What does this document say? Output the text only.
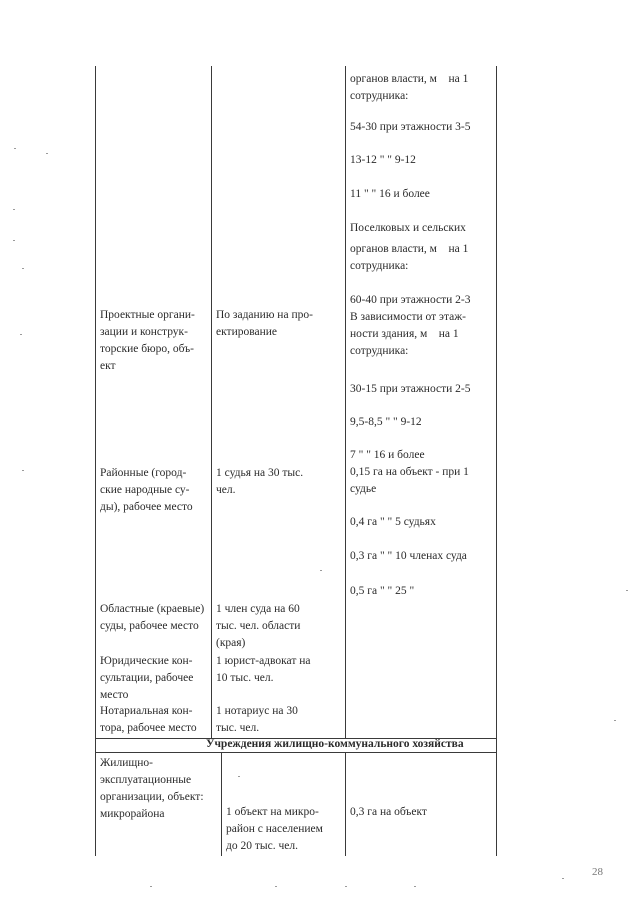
органов власти, м    на 1
сотрудника:
54-30 при этажности 3-5
13-12 " " 9-12
11 " " 16 и более
Поселковых и сельских
органов власти, м    на 1
сотрудника:
60-40 при этажности 2-3
В зависимости от этаж-
ности здания, м    на 1
сотрудника:
30-15 при этажности 2-5
9,5-8,5 " " 9-12
7 " " 16 и более
0,15 га на объект - при 1
судье
0,4 га " " 5 судьях
0,3 га " " 10 членах суда
0,5 га " " 25 "
Проектные органи-
зации и конструк-
торские бюро, объ-
ект
По заданию на про-
ектирование
Районные (город-
ские народные су-
ды), рабочее место
1 судья на 30 тыс.
чел.
Областные (краевые)
суды, рабочее место
1 член суда на 60
тыс. чел. области
(края)
Юридические кон-
сультации, рабочее
место
1 юрист-адвокат на
10 тыс. чел.
Нотариальная кон-
тора, рабочее место
1 нотариус на 30
тыс. чел.
Учреждения жилищно-коммунального хозяйства
Жилищно-
эксплуатационные
организации, объект:
микрорайона	1 объект на микро-
район с населением
до 20 тыс. чел.
0,3 га на объект
28
